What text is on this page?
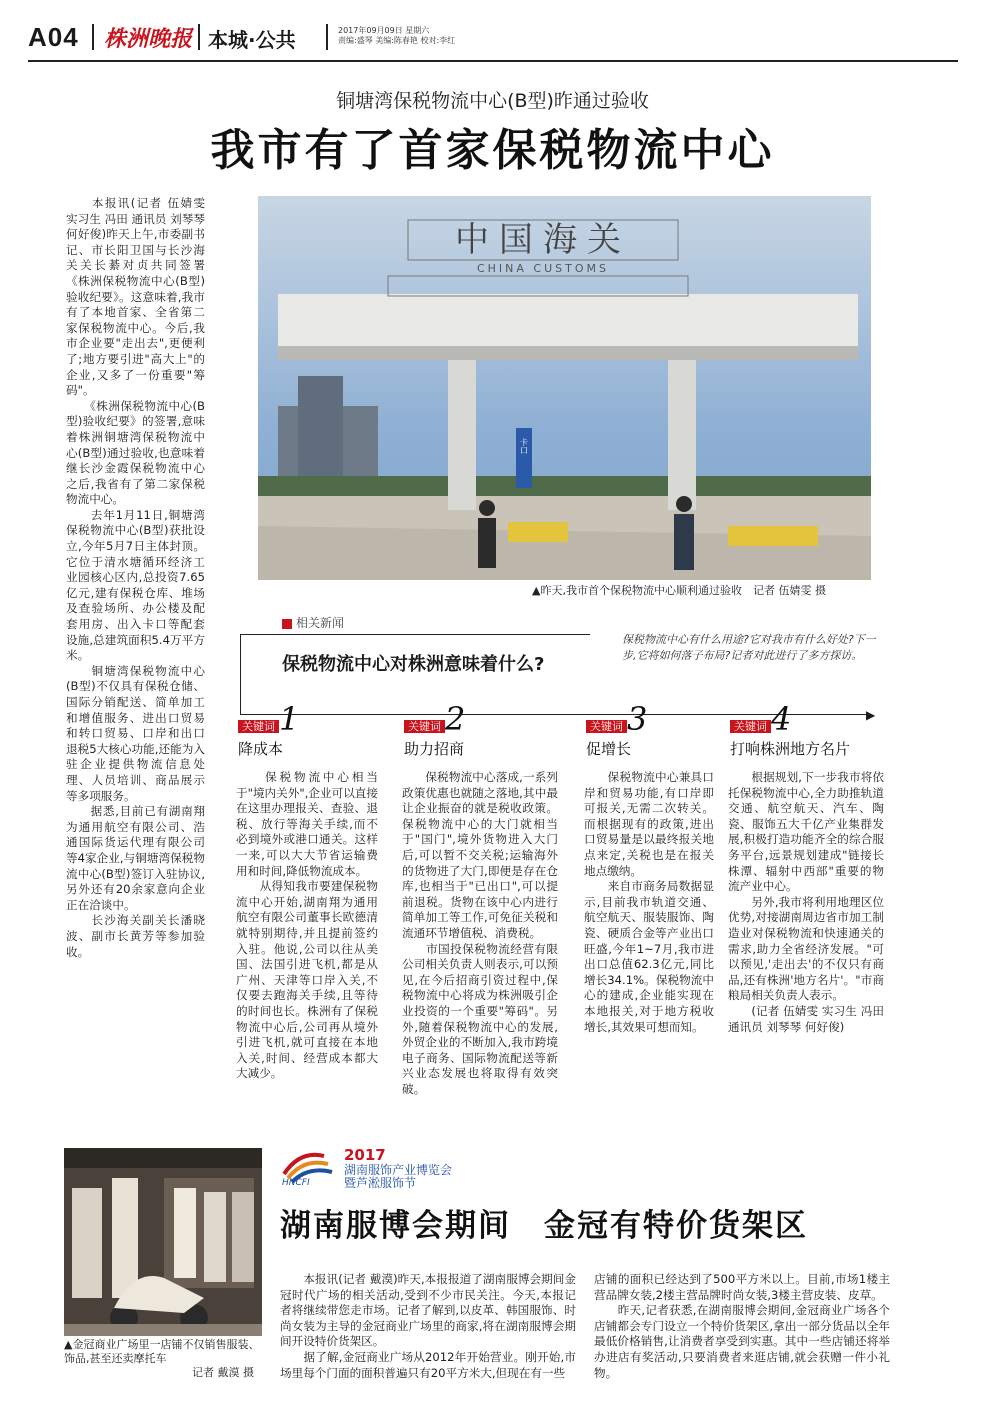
A04 株洲晚报 本城·公共	2017年09月09日 星期六
责编:盛琴 美编:陈春艳 校对:李红
铜塘湾保税物流中心(B型)昨通过验收
我市有了首家保税物流中心
　　本报讯(记者 伍婧雯 实习生 冯田 通讯员 刘琴琴 何好俊)昨天上午,市委副书记、市长阳卫国与长沙海关关长綦对贞共同签署《株洲保税物流中心(B型)验收纪要》。这意味着,我市有了本地首家、全省第二家保税物流中心。今后,我市企业要"走出去",更便利了;地方要引进"高大上"的企业,又多了一份重要"筹码"。
　　《株洲保税物流中心(B型)验收纪要》的签署,意味着株洲铜塘湾保税物流中心(B型)通过验收,也意味着继长沙金霞保税物流中心之后,我省有了第二家保税物流中心。
　　去年1月11日,铜塘湾保税物流中心(B型)获批设立,今年5月7日主体封顶。它位于清水塘循环经济工业园核心区内,总投资7.65亿元,建有保税仓库、堆场及查验场所、办公楼及配套用房、出入卡口等配套设施,总建筑面积5.4万平方米。
　　铜塘湾保税物流中心(B型)不仅具有保税仓储、国际分销配送、简单加工和增值服务、进出口贸易和转口贸易、口岸和出口退税5大核心功能,还能为入驻企业提供物流信息处理、人员培训、商品展示等多项服务。
　　据悉,目前已有湖南翔为通用航空有限公司、浩通国际货运代理有限公司等4家企业,与铜塘湾保税物流中心(B型)签订入驻协议,另外还有20余家意向企业正在洽谈中。
　　长沙海关副关长潘晓波、副市长黄芳等参加验收。
中国海关
CHINA CUSTOMS
卡口
▲昨天,我市首个保税物流中心顺利通过验收　记者 伍婧雯 摄
相关新闻
▶
保税物流中心对株洲意味着什么?
保税物流中心有什么用途?它对我市有什么好处?下一步,它将如何落子布局?记者对此进行了多方探访。
关键词 1
降成本
关键词 2
助力招商
关键词 3
促增长
关键词 4
打响株洲地方名片
　　保税物流中心相当于"境内关外",企业可以直接在这里办理报关、查验、退税、放行等海关手续,而不必到境外或港口通关。这样一来,可以大大节省运输费用和时间,降低物流成本。
　　从得知我市要建保税物流中心开始,湖南翔为通用航空有限公司董事长欧德清就特别期待,并且提前签约入驻。他说,公司以往从美国、法国引进飞机,都是从广州、天津等口岸入关,不仅要去跑海关手续,且等待的时间也长。株洲有了保税物流中心后,公司再从境外引进飞机,就可直接在本地入关,时间、经营成本都大大减少。
　　保税物流中心落成,一系列政策优惠也就随之落地,其中最让企业振奋的就是税收政策。保税物流中心的大门就相当于"国门",境外货物进入大门后,可以暂不交关税;运输海外的货物进了大门,即便是存在仓库,也相当于"已出口",可以提前退税。货物在该中心内进行简单加工等工作,可免征关税和流通环节增值税、消费税。
　　市国投保税物流经营有限公司相关负责人则表示,可以预见,在今后招商引资过程中,保税物流中心将成为株洲吸引企业投资的一个重要"筹码"。另外,随着保税物流中心的发展,外贸企业的不断加入,我市跨境电子商务、国际物流配送等新兴业态发展也将取得有效突破。
　　保税物流中心兼具口岸和贸易功能,有口岸即可报关,无需二次转关。而根据现有的政策,进出口贸易量是以最终报关地点来定,关税也是在报关地点缴纳。
　　来自市商务局数据显示,目前我市轨道交通、航空航天、服装服饰、陶瓷、硬质合金等产业出口旺盛,今年1~7月,我市进出口总值62.3亿元,同比增长34.1%。保税物流中心的建成,企业能实现在本地报关,对于地方税收增长,其效果可想而知。
　　根据规划,下一步我市将依托保税物流中心,全力助推轨道交通、航空航天、汽车、陶瓷、服饰五大千亿产业集群发展,积极打造功能齐全的综合服务平台,远景规划建成"链接长株潭、辐射中西部"重要的物流产业中心。
　　另外,我市将利用地理区位优势,对接湖南周边省市加工制造业对保税物流和快速通关的需求,助力全省经济发展。"可以预见,'走出去'的不仅只有商品,还有株洲'地方名片'。"市商粮局相关负责人表示。
　　(记者 伍婧雯 实习生 冯田 通讯员 刘琴琴 何好俊)
▲金冠商业广场里一店铺不仅销售服装、饰品,甚至还卖摩托车
记者 戴漠 摄
HNCFI
2017
湖南服饰产业博览会
暨芦淞服饰节
湖南服博会期间　金冠有特价货架区
　　本报讯(记者 戴漠)昨天,本报报道了湖南服博会期间金冠时代广场的相关活动,受到不少市民关注。今天,本报记者将继续带您走市场。记者了解到,以皮革、韩国服饰、时尚女装为主导的金冠商业广场里的商家,将在湖南服博会期间开设特价货架区。
　　据了解,金冠商业广场从2012年开始营业。刚开始,市场里每个门面的面积普遍只有20平方米大,但现在有一些
店铺的面积已经达到了500平方米以上。目前,市场1楼主营品牌女装,2楼主营品牌时尚女装,3楼主营皮装、皮草。
　　昨天,记者获悉,在湖南服博会期间,金冠商业广场各个店铺都会专门设立一个特价货架区,拿出一部分货品以全年最低价格销售,让消费者享受到实惠。其中一些店铺还将举办进店有奖活动,只要消费者来逛店铺,就会获赠一件小礼物。
